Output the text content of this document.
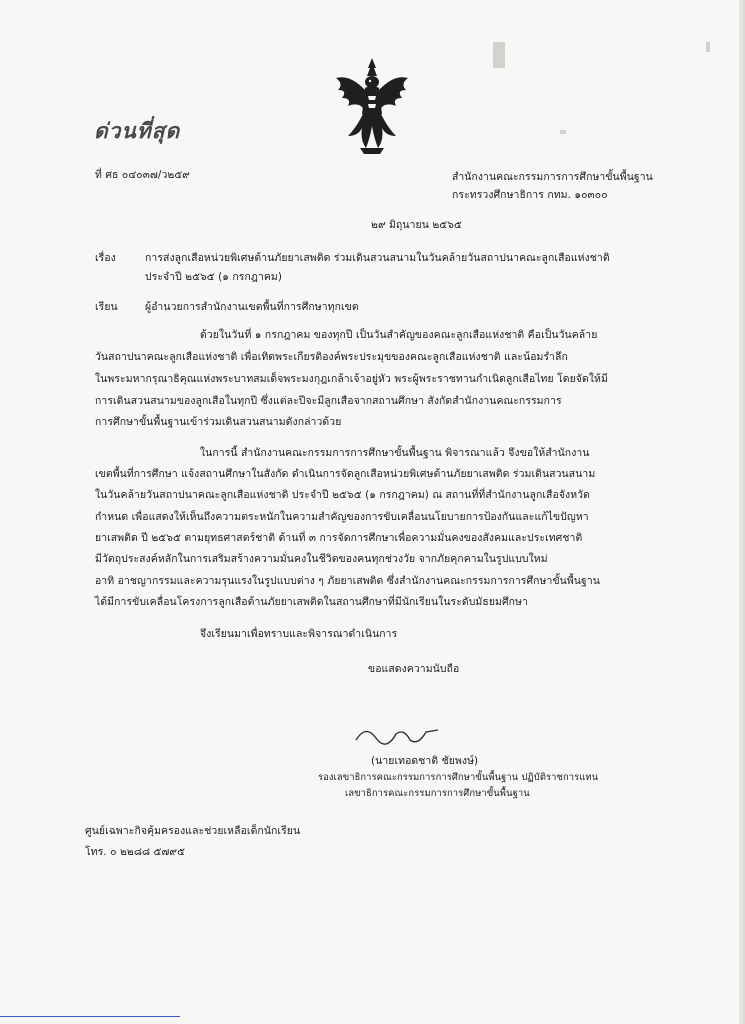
ด่วนที่สุด
ที่ ศธ ๐๔๐๓๗/ว๒๕๙	สำนักงานคณะกรรมการการศึกษาขั้นพื้นฐาน
กระทรวงศึกษาธิการ กทม. ๑๐๓๐๐
๒๙ มิถุนายน ๒๕๖๕
เรื่อง	การส่งลูกเสือหน่วยพิเศษต้านภัยยาเสพติด ร่วมเดินสวนสนามในวันคล้ายวันสถาปนาคณะลูกเสือแห่งชาติ
ประจำปี ๒๕๖๕ (๑ กรกฎาคม)
เรียน	ผู้อำนวยการสำนักงานเขตพื้นที่การศึกษาทุกเขต
ด้วยในวันที่ ๑ กรกฎาคม ของทุกปี เป็นวันสำคัญของคณะลูกเสือแห่งชาติ คือเป็นวันคล้าย
วันสถาปนาคณะลูกเสือแห่งชาติ เพื่อเทิดพระเกียรติองค์พระประมุขของคณะลูกเสือแห่งชาติ และน้อมรำลึก
ในพระมหากรุณาธิคุณแห่งพระบาทสมเด็จพระมงกุฎเกล้าเจ้าอยู่หัว พระผู้พระราชทานกำเนิดลูกเสือไทย โดยจัดให้มี
การเดินสวนสนามของลูกเสือในทุกปี ซึ่งแต่ละปีจะมีลูกเสือจากสถานศึกษา สังกัดสำนักงานคณะกรรมการ
การศึกษาขั้นพื้นฐานเข้าร่วมเดินสวนสนามดังกล่าวด้วย
ในการนี้ สำนักงานคณะกรรมการการศึกษาขั้นพื้นฐาน พิจารณาแล้ว จึงขอให้สำนักงาน
เขตพื้นที่การศึกษา แจ้งสถานศึกษาในสังกัด ดำเนินการจัดลูกเสือหน่วยพิเศษต้านภัยยาเสพติด ร่วมเดินสวนสนาม
ในวันคล้ายวันสถาปนาคณะลูกเสือแห่งชาติ ประจำปี ๒๕๖๕ (๑ กรกฎาคม) ณ สถานที่ที่สำนักงานลูกเสือจังหวัด
กำหนด เพื่อแสดงให้เห็นถึงความตระหนักในความสำคัญของการขับเคลื่อนนโยบายการป้องกันและแก้ไขปัญหา
ยาเสพติด ปี ๒๕๖๕ ตามยุทธศาสตร์ชาติ ด้านที่ ๓ การจัดการศึกษาเพื่อความมั่นคงของสังคมและประเทศชาติ
มีวัตถุประสงค์หลักในการเสริมสร้างความมั่นคงในชีวิตของคนทุกช่วงวัย จากภัยคุกคามในรูปแบบใหม่
อาทิ อาชญากรรมและความรุนแรงในรูปแบบต่าง ๆ ภัยยาเสพติด ซึ่งสำนักงานคณะกรรมการการศึกษาขั้นพื้นฐาน
ได้มีการขับเคลื่อนโครงการลูกเสือต้านภัยยาเสพติดในสถานศึกษาที่มีนักเรียนในระดับมัธยมศึกษา
จึงเรียนมาเพื่อทราบและพิจารณาดำเนินการ
ขอแสดงความนับถือ
(นายเทอดชาติ ชัยพงษ์)
รองเลขาธิการคณะกรรมการการศึกษาขั้นพื้นฐาน ปฏิบัติราชการแทน
เลขาธิการคณะกรรมการการศึกษาขั้นพื้นฐาน
ศูนย์เฉพาะกิจคุ้มครองและช่วยเหลือเด็กนักเรียน
โทร. ๐ ๒๒๘๘ ๕๗๙๕
